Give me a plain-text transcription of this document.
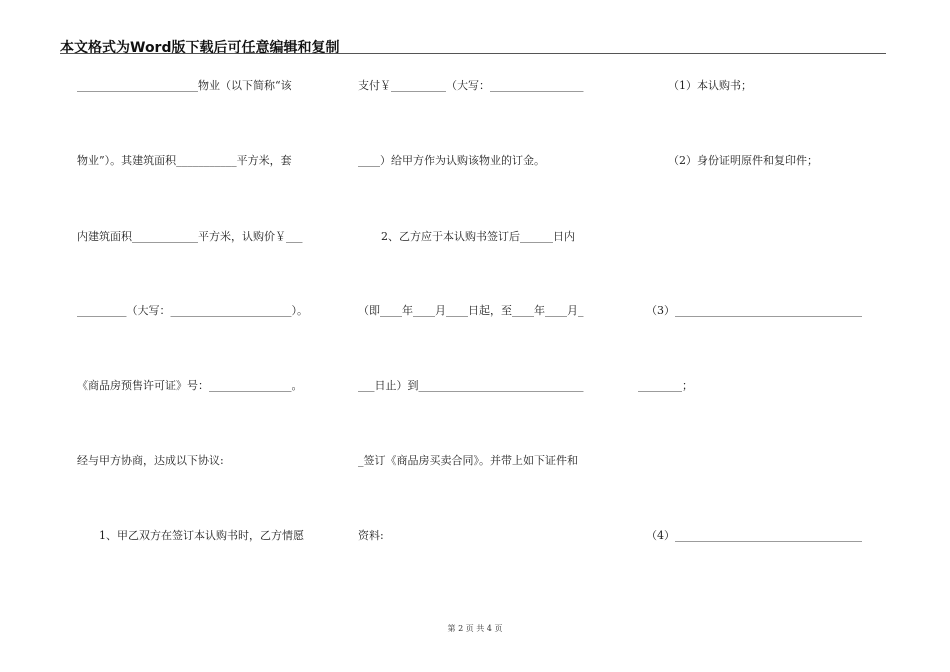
本文格式为Word版下载后可任意编辑和复制
______________________物业（以下简称“该
物业”）。其建筑面积___________平方米，套
内建筑面积____________平方米，认购价￥___
_________（大写：______________________）。
《商品房预售许可证》号：_______________。
经与甲方协商，达成以下协议:
1、甲乙双方在签订本认购书时，乙方情愿
支付￥__________（大写：_________________
____）给甲方作为认购该物业的订金。
2、乙方应于本认购书签订后______日内
（即____年____月____日起，至____年____月_
___日止）到______________________________
_签订《商品房买卖合同》。并带上如下证件和
资料:
（1）本认购书；
（2）身份证明原件和复印件；
（3）__________________________________
________；
（4）__________________________________
第 2 页 共 4 页
